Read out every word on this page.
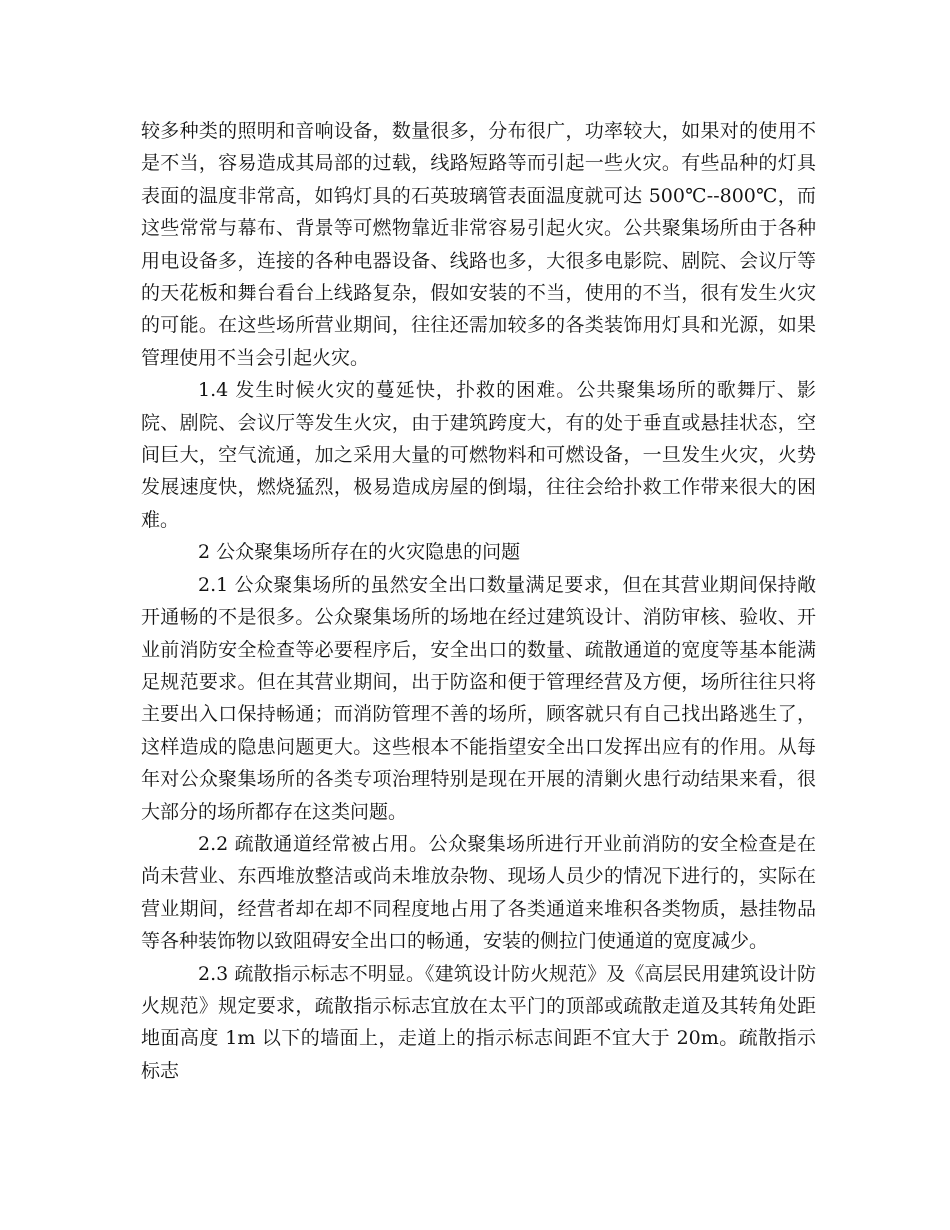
较多种类的照明和音响设备，数量很多，分布很广，功率较大，如果对的使用不是不当，容易造成其局部的过载，线路短路等而引起一些火灾。有些品种的灯具表面的温度非常高，如钨灯具的石英玻璃管表面温度就可达 500℃--800℃，而这些常常与幕布、背景等可燃物靠近非常容易引起火灾。公共聚集场所由于各种用电设备多，连接的各种电器设备、线路也多，大很多电影院、剧院、会议厅等的天花板和舞台看台上线路复杂，假如安装的不当，使用的不当，很有发生火灾的可能。在这些场所营业期间，往往还需加较多的各类装饰用灯具和光源，如果管理使用不当会引起火灾。

1.4 发生时候火灾的蔓延快，扑救的困难。公共聚集场所的歌舞厅、影院、剧院、会议厅等发生火灾，由于建筑跨度大，有的处于垂直或悬挂状态，空间巨大，空气流通，加之采用大量的可燃物料和可燃设备，一旦发生火灾，火势发展速度快，燃烧猛烈，极易造成房屋的倒塌，往往会给扑救工作带来很大的困难。

2 公众聚集场所存在的火灾隐患的问题

2.1 公众聚集场所的虽然安全出口数量满足要求，但在其营业期间保持敞开通畅的不是很多。公众聚集场所的场地在经过建筑设计、消防审核、验收、开业前消防安全检查等必要程序后，安全出口的数量、疏散通道的宽度等基本能满足规范要求。但在其营业期间，出于防盗和便于管理经营及方便，场所往往只将主要出入口保持畅通；而消防管理不善的场所，顾客就只有自己找出路逃生了，这样造成的隐患问题更大。这些根本不能指望安全出口发挥出应有的作用。从每年对公众聚集场所的各类专项治理特别是现在开展的清剿火患行动结果来看，很大部分的场所都存在这类问题。

2.2 疏散通道经常被占用。公众聚集场所进行开业前消防的安全检查是在尚未营业、东西堆放整洁或尚未堆放杂物、现场人员少的情况下进行的，实际在营业期间，经营者却在却不同程度地占用了各类通道来堆积各类物质，悬挂物品等各种装饰物以致阻碍安全出口的畅通，安装的侧拉门使通道的宽度减少。

2.3 疏散指示标志不明显。《建筑设计防火规范》及《高层民用建筑设计防火规范》规定要求，疏散指示标志宜放在太平门的顶部或疏散走道及其转角处距地面高度 1m 以下的墙面上，走道上的指示标志间距不宜大于 20m。疏散指示标志
